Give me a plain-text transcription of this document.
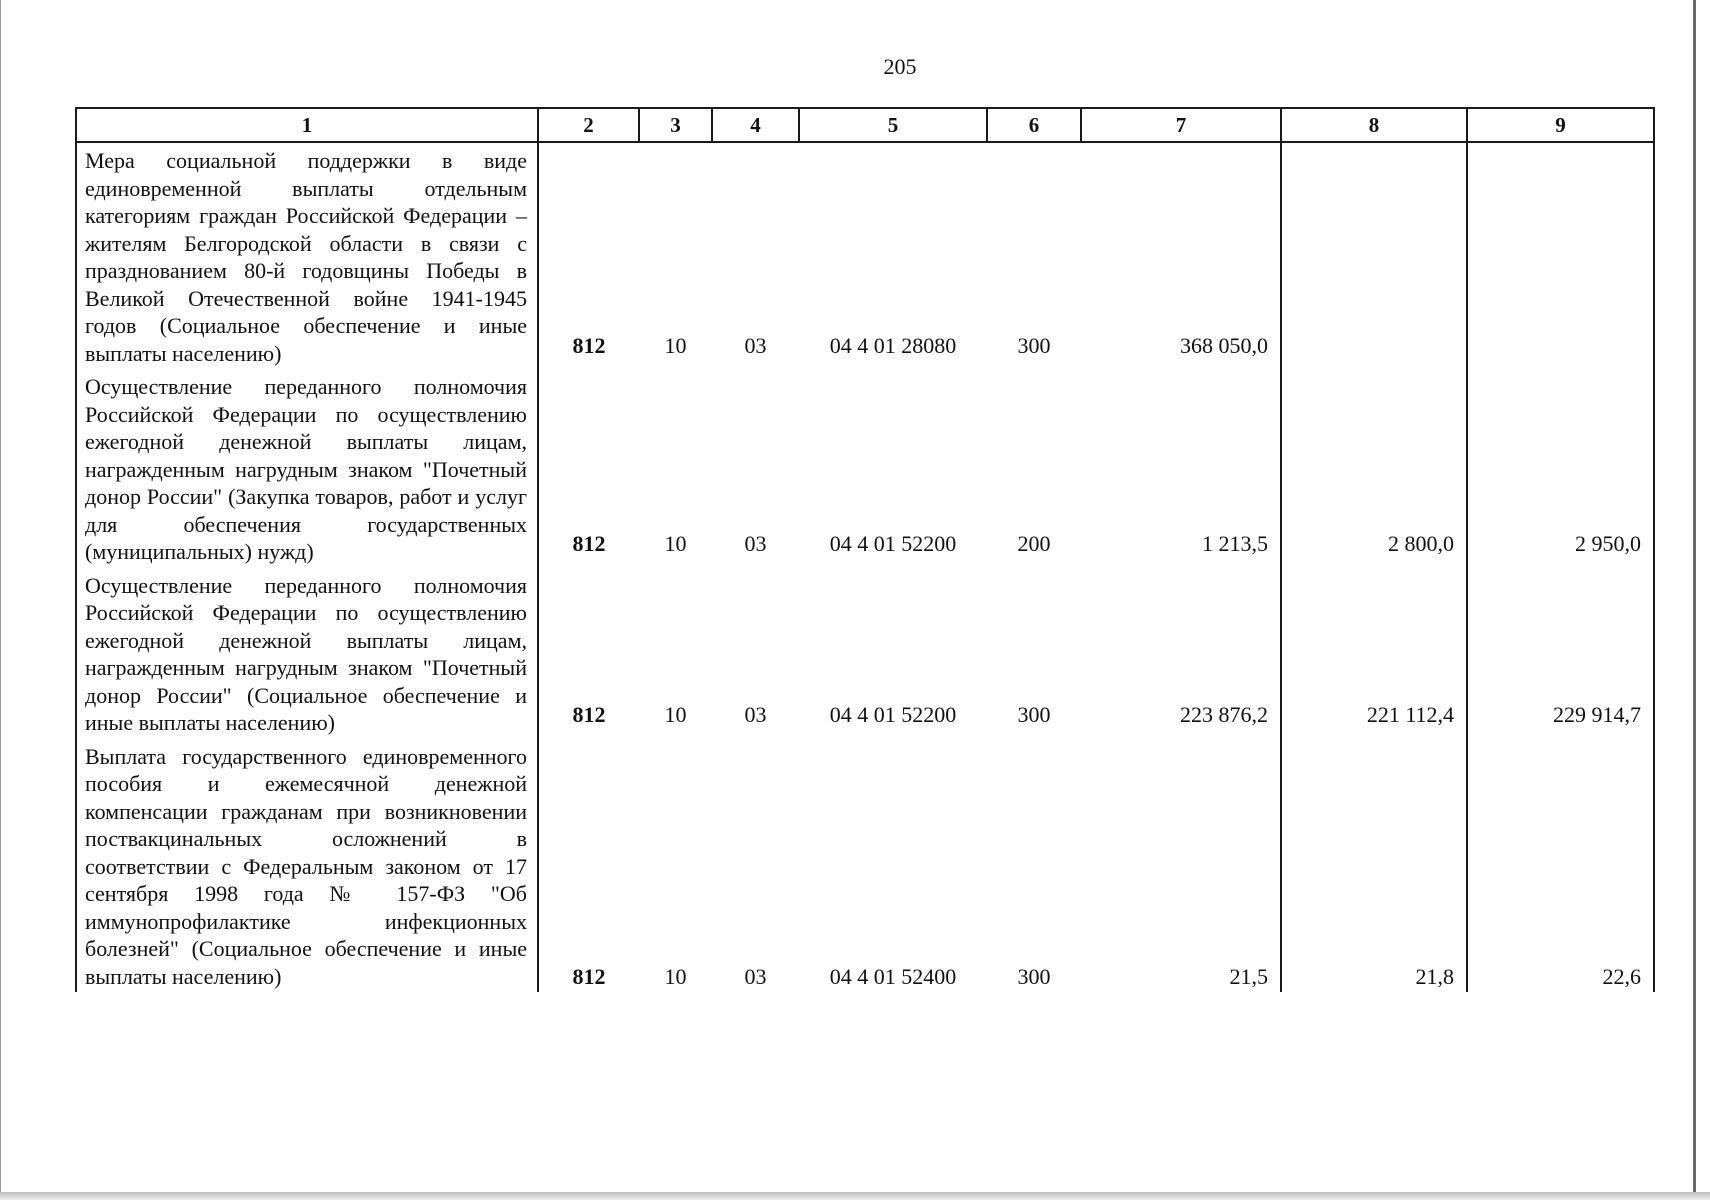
205
1	2	3	4	5	6	7	8	9
Мера социальной поддержки в виде единовременной выплаты отдельным категориям граждан Российской Федерации – жителям Белгородской области в связи с празднованием 80-й годовщины Победы в Великой Отечественной войне 1941-1945 годов (Социальное обеспечение и иные выплаты населению)	812	10	03	04 4 01 28080	300	368 050,0		
Осуществление переданного полномочия Российской Федерации по осуществлению ежегодной денежной выплаты лицам, награжденным нагрудным знаком "Почетный донор России" (Закупка товаров, работ и услуг для обеспечения государственных (муниципальных) нужд)	812	10	03	04 4 01 52200	200	1 213,5	2 800,0	2 950,0
Осуществление переданного полномочия Российской Федерации по осуществлению ежегодной денежной выплаты лицам, награжденным нагрудным знаком "Почетный донор России" (Социальное обеспечение и иные выплаты населению)	812	10	03	04 4 01 52200	300	223 876,2	221 112,4	229 914,7
Выплата государственного единовременного пособия и ежемесячной денежной компенсации гражданам при возникновении поствакцинальных осложнений в соответствии с Федеральным законом от 17 сентября 1998 года № 157-ФЗ "Об иммунопрофилактике инфекционных болезней" (Социальное обеспечение и иные выплаты населению)	812	10	03	04 4 01 52400	300	21,5	21,8	22,6
